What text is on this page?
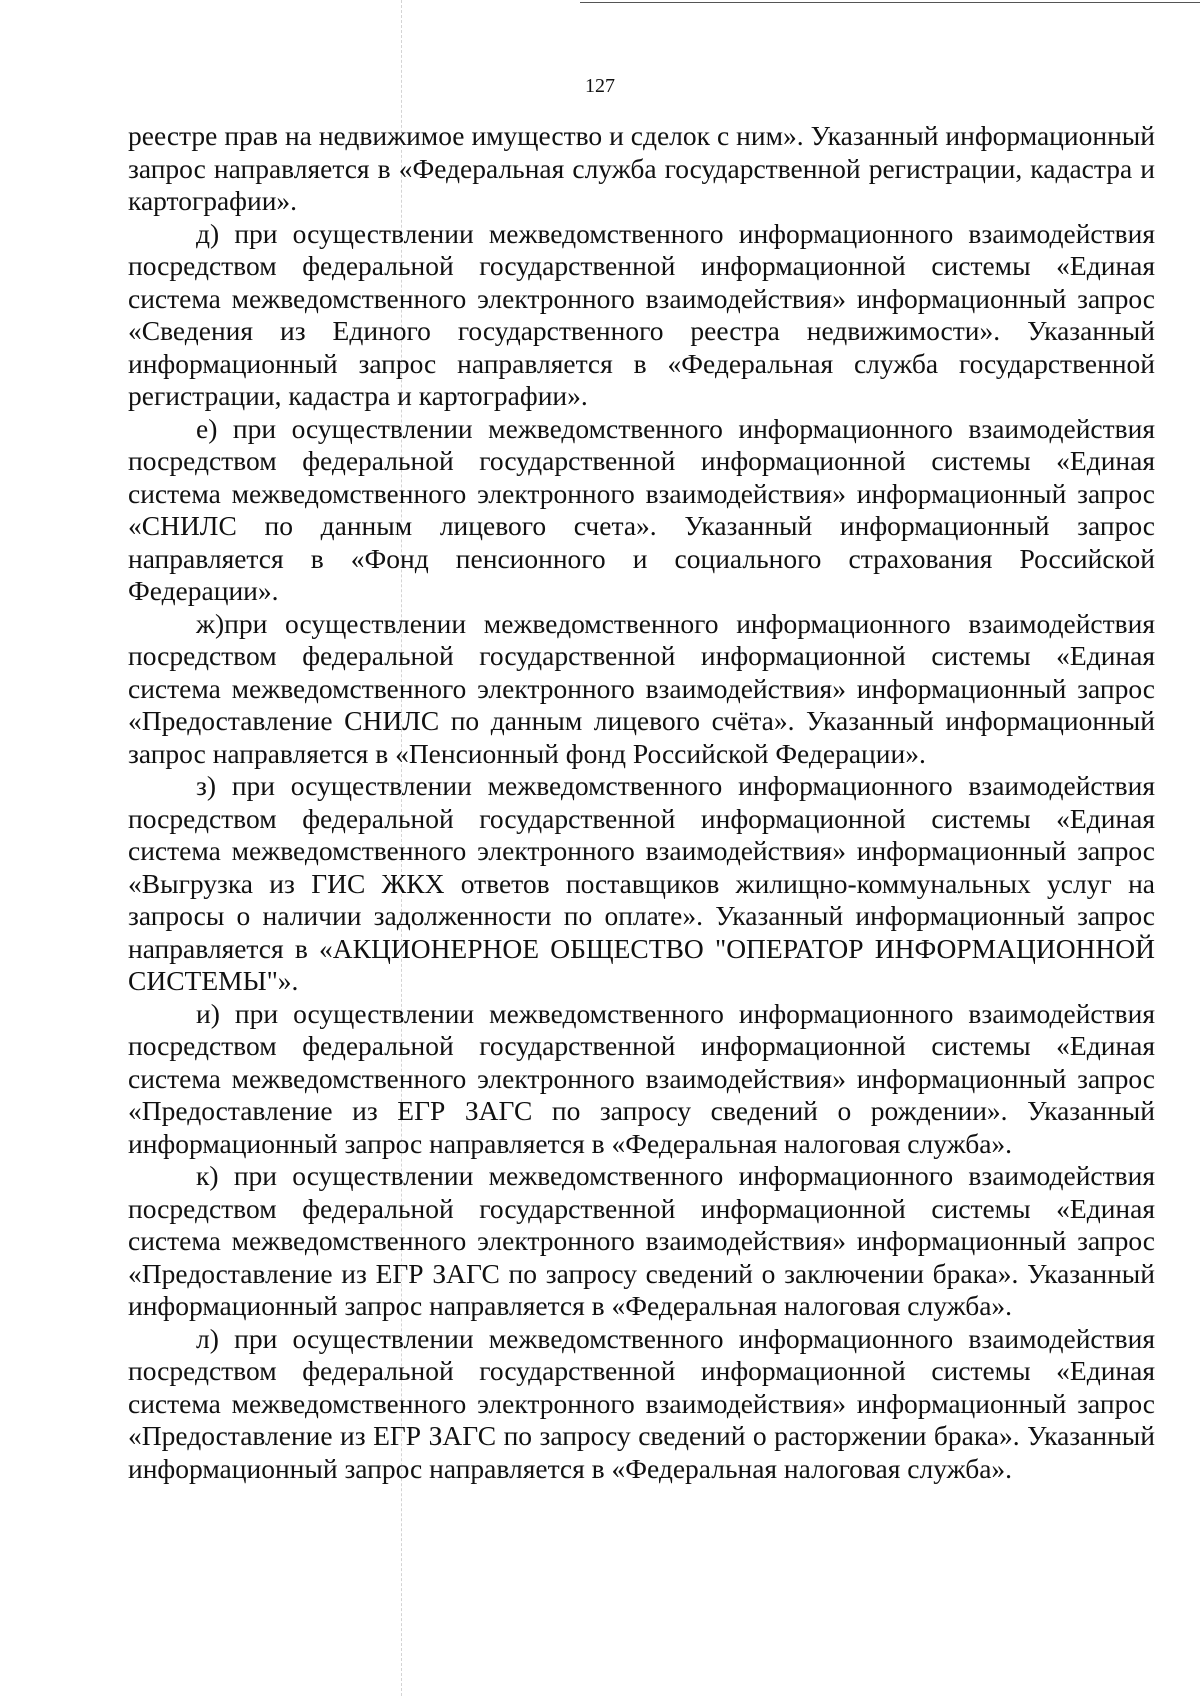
127

реестре прав на недвижимое имущество и сделок с ним». Указанный информационный запрос направляется в «Федеральная служба государственной регистрации, кадастра и картографии».

д) при осуществлении межведомственного информационного взаимодействия посредством федеральной государственной информационной системы «Единая система межведомственного электронного взаимодействия» информационный запрос «Сведения из Единого государственного реестра недвижимости». Указанный информационный запрос направляется в «Федеральная служба государственной регистрации, кадастра и картографии».

е) при осуществлении межведомственного информационного взаимодействия посредством федеральной государственной информационной системы «Единая система межведомственного электронного взаимодействия» информационный запрос «СНИЛС по данным лицевого счета». Указанный информационный запрос направляется в «Фонд пенсионного и социального страхования Российской Федерации».

ж)при осуществлении межведомственного информационного взаимодействия посредством федеральной государственной информационной системы «Единая система межведомственного электронного взаимодействия» информационный запрос «Предоставление СНИЛС по данным лицевого счёта». Указанный информационный запрос направляется в «Пенсионный фонд Российской Федерации».

з) при осуществлении межведомственного информационного взаимодействия посредством федеральной государственной информационной системы «Единая система межведомственного электронного взаимодействия» информационный запрос «Выгрузка из ГИС ЖКХ ответов поставщиков жилищно-коммунальных услуг на запросы о наличии задолженности по оплате». Указанный информационный запрос направляется в «АКЦИОНЕРНОЕ ОБЩЕСТВО "ОПЕРАТОР ИНФОРМАЦИОННОЙ СИСТЕМЫ"».

и) при осуществлении межведомственного информационного взаимодействия посредством федеральной государственной информационной системы «Единая система межведомственного электронного взаимодействия» информационный запрос «Предоставление из ЕГР ЗАГС по запросу сведений о рождении». Указанный информационный запрос направляется в «Федеральная налоговая служба».

к) при осуществлении межведомственного информационного взаимодействия посредством федеральной государственной информационной системы «Единая система межведомственного электронного взаимодействия» информационный запрос «Предоставление из ЕГР ЗАГС по запросу сведений о заключении брака». Указанный информационный запрос направляется в «Федеральная налоговая служба».

л) при осуществлении межведомственного информационного взаимодействия посредством федеральной государственной информационной системы «Единая система межведомственного электронного взаимодействия» информационный запрос «Предоставление из ЕГР ЗАГС по запросу сведений о расторжении брака». Указанный информационный запрос направляется в «Федеральная налоговая служба».
